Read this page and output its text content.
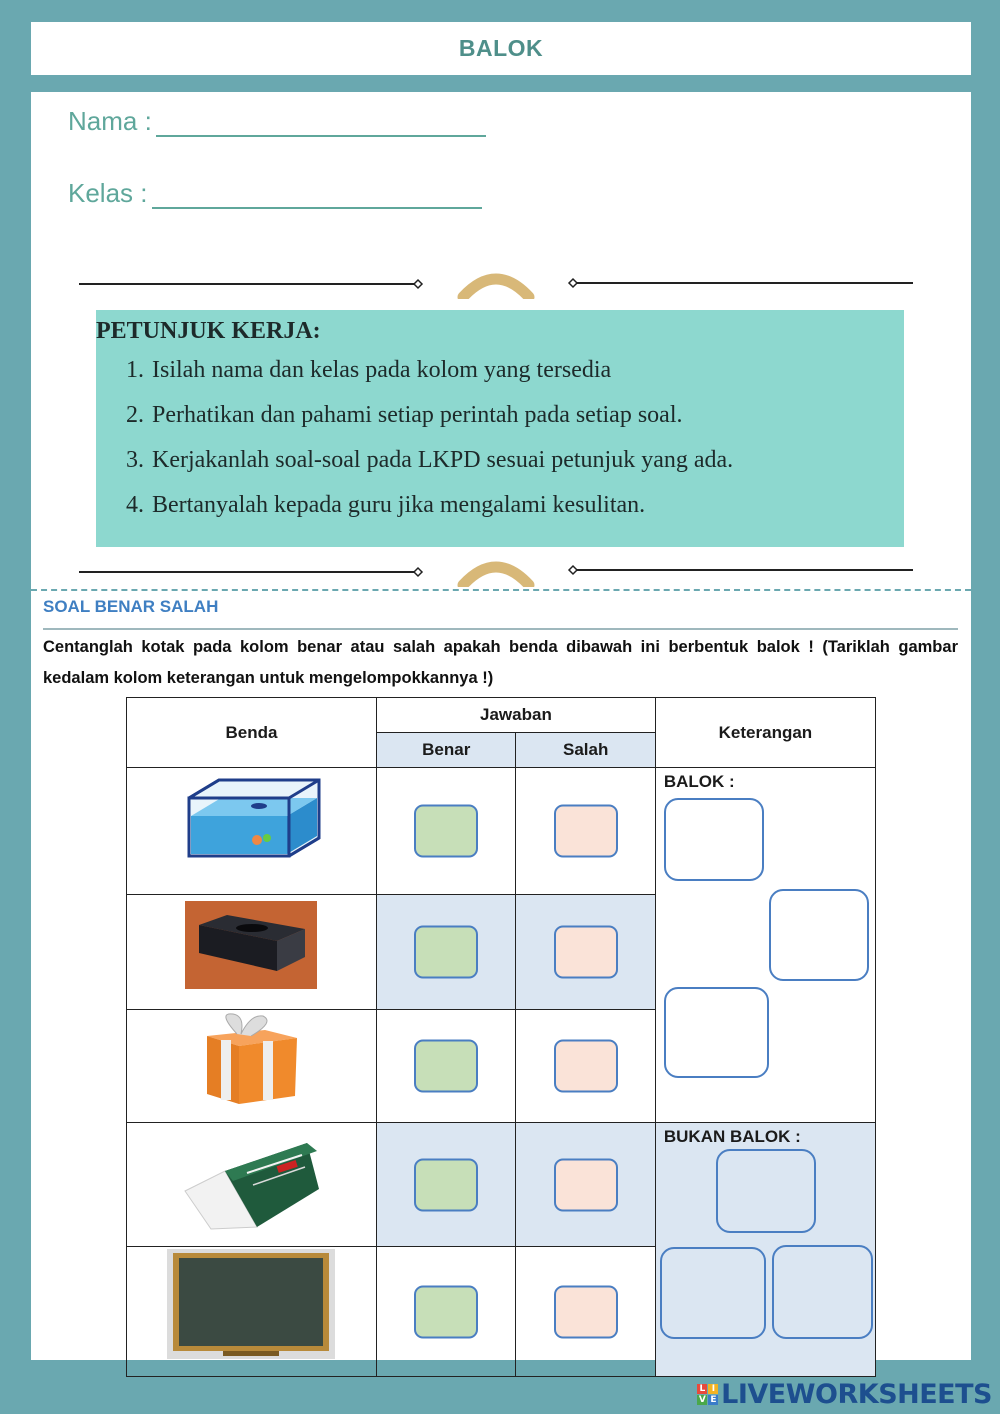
BALOK
Nama :
Kelas :
PETUNJUK KERJA:
1. Isilah nama dan kelas pada kolom yang tersedia
2. Perhatikan dan pahami setiap perintah pada setiap soal.
3. Kerjakanlah soal-soal pada LKPD sesuai petunjuk yang ada.
4. Bertanyalah kepada guru jika mengalami kesulitan.
SOAL BENAR SALAH
Centanglah kotak pada kolom benar atau salah apakah benda dibawah ini berbentuk balok ! (Tariklah gambar kedalam kolom keterangan untuk mengelompokkannya !)
Benda	Jawaban		Keterangan
	Benar	Salah	

BALOK :

BUKAN BALOK :

L I
V E LIVEWORKSHEETS
